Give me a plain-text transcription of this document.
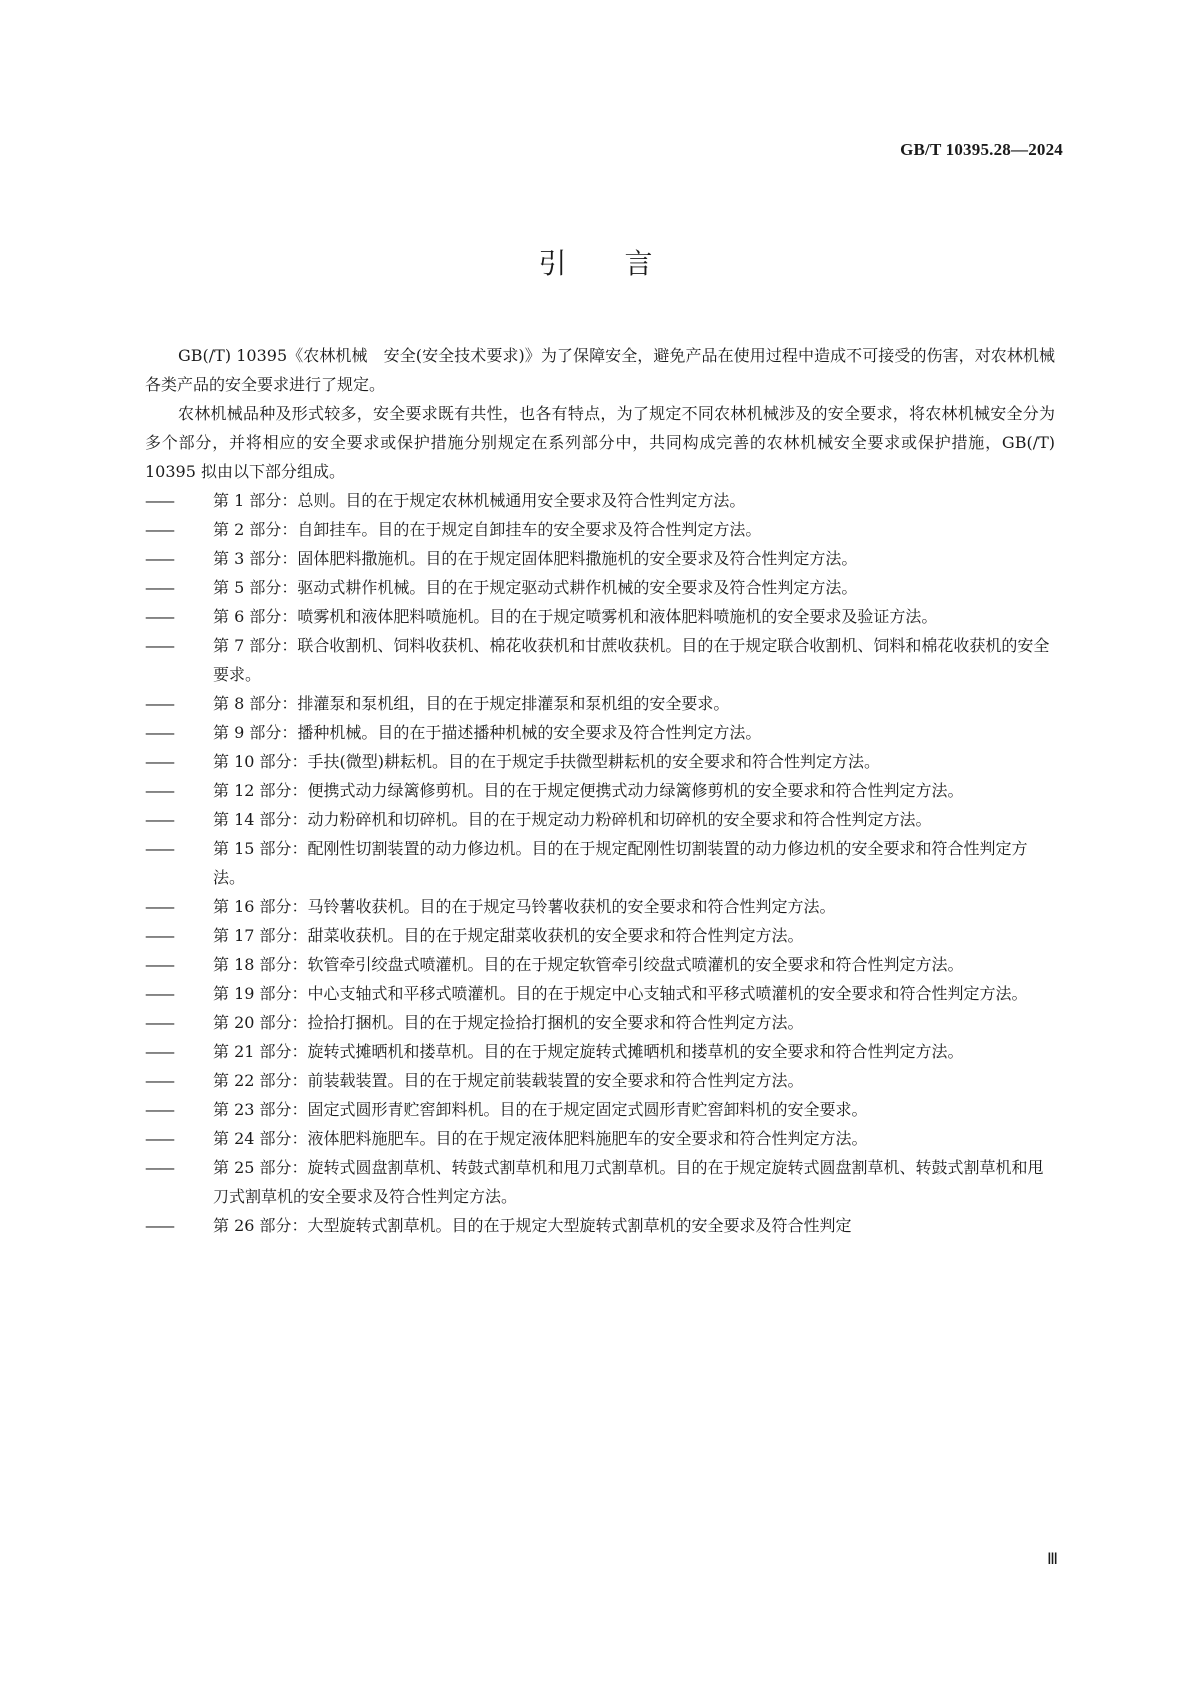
GB/T 10395.28—2024
引言

GB(/T) 10395《农林机械　安全(安全技术要求)》为了保障安全，避免产品在使用过程中造成不可接受的伤害，对农林机械各类产品的安全要求进行了规定。

农林机械品种及形式较多，安全要求既有共性，也各有特点，为了规定不同农林机械涉及的安全要求，将农林机械安全分为多个部分，并将相应的安全要求或保护措施分别规定在系列部分中，共同构成完善的农林机械安全要求或保护措施，GB(/T) 10395 拟由以下部分组成。

——	第 1 部分：总则。目的在于规定农林机械通用安全要求及符合性判定方法。

——	第 2 部分：自卸挂车。目的在于规定自卸挂车的安全要求及符合性判定方法。

——	第 3 部分：固体肥料撒施机。目的在于规定固体肥料撒施机的安全要求及符合性判定方法。

——	第 5 部分：驱动式耕作机械。目的在于规定驱动式耕作机械的安全要求及符合性判定方法。

——	第 6 部分：喷雾机和液体肥料喷施机。目的在于规定喷雾机和液体肥料喷施机的安全要求及验证方法。

——	第 7 部分：联合收割机、饲料收获机、棉花收获机和甘蔗收获机。目的在于规定联合收割机、饲料和棉花收获机的安全要求。

——	第 8 部分：排灌泵和泵机组，目的在于规定排灌泵和泵机组的安全要求。

——	第 9 部分：播种机械。目的在于描述播种机械的安全要求及符合性判定方法。

——	第 10 部分：手扶(微型)耕耘机。目的在于规定手扶微型耕耘机的安全要求和符合性判定方法。

——	第 12 部分：便携式动力绿篱修剪机。目的在于规定便携式动力绿篱修剪机的安全要求和符合性判定方法。

——	第 14 部分：动力粉碎机和切碎机。目的在于规定动力粉碎机和切碎机的安全要求和符合性判定方法。

——	第 15 部分：配刚性切割装置的动力修边机。目的在于规定配刚性切割装置的动力修边机的安全要求和符合性判定方法。

——	第 16 部分：马铃薯收获机。目的在于规定马铃薯收获机的安全要求和符合性判定方法。

——	第 17 部分：甜菜收获机。目的在于规定甜菜收获机的安全要求和符合性判定方法。

——	第 18 部分：软管牵引绞盘式喷灌机。目的在于规定软管牵引绞盘式喷灌机的安全要求和符合性判定方法。

——	第 19 部分：中心支轴式和平移式喷灌机。目的在于规定中心支轴式和平移式喷灌机的安全要求和符合性判定方法。

——	第 20 部分：捡拾打捆机。目的在于规定捡拾打捆机的安全要求和符合性判定方法。

——	第 21 部分：旋转式摊晒机和搂草机。目的在于规定旋转式摊晒机和搂草机的安全要求和符合性判定方法。

——	第 22 部分：前装载装置。目的在于规定前装载装置的安全要求和符合性判定方法。

——	第 23 部分：固定式圆形青贮窖卸料机。目的在于规定固定式圆形青贮窖卸料机的安全要求。

——	第 24 部分：液体肥料施肥车。目的在于规定液体肥料施肥车的安全要求和符合性判定方法。

——	第 25 部分：旋转式圆盘割草机、转鼓式割草机和甩刀式割草机。目的在于规定旋转式圆盘割草机、转鼓式割草机和甩刀式割草机的安全要求及符合性判定方法。

——	第 26 部分：大型旋转式割草机。目的在于规定大型旋转式割草机的安全要求及符合性判定

Ⅲ
